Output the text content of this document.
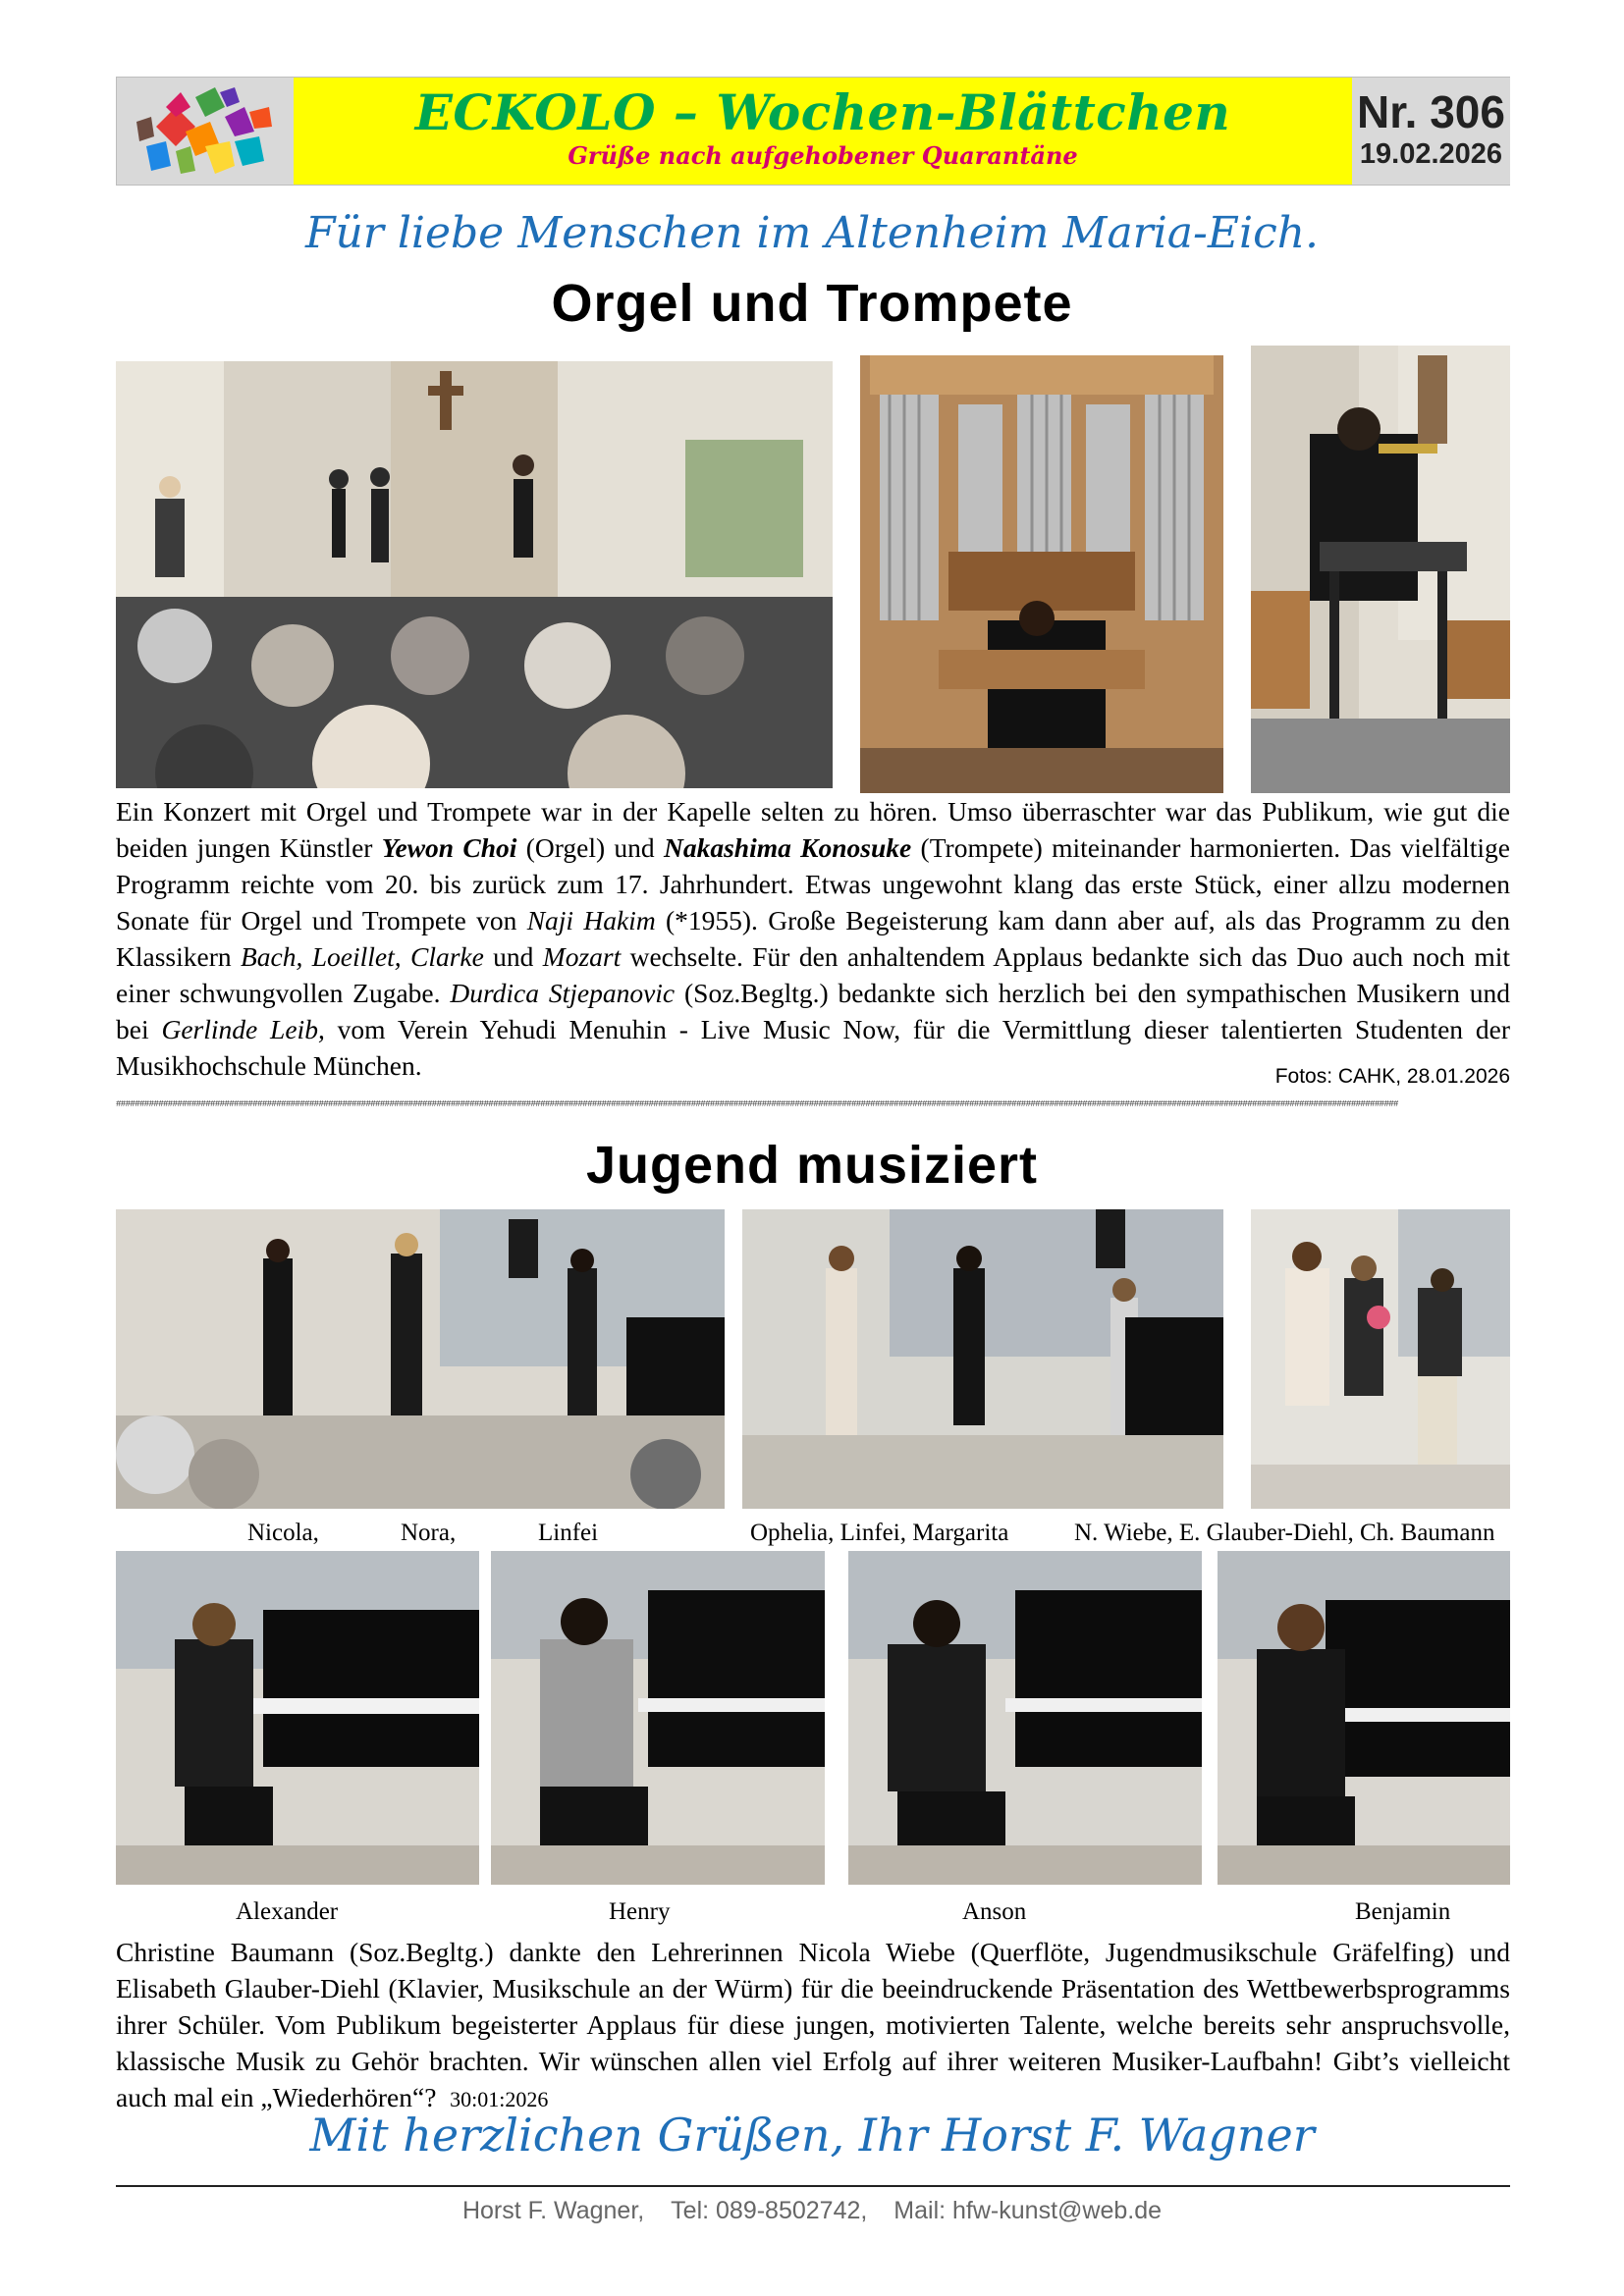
ECKOLO – Wochen-Blättchen
Grüße nach aufgehobener Quarantäne
Nr. 306
19.02.2026
Für liebe Menschen im Altenheim Maria-Eich.
Orgel und Trompete
Ein Konzert mit Orgel und Trompete war in der Kapelle selten zu hören. Umso überraschter war das Publikum, wie gut die beiden jungen Künstler Yewon Choi (Orgel) und Nakashima Konosuke (Trompete) miteinander harmonierten. Das vielfältige Programm reichte vom 20. bis zurück zum 17. Jahrhundert. Etwas ungewohnt klang das erste Stück, einer allzu modernen Sonate für Orgel und Trompete von Naji Hakim (*1955). Große Begeisterung kam dann aber auf, als das Programm zu den Klassikern Bach, Loeillet, Clarke und Mozart wechselte. Für den anhaltendem Applaus bedankte sich das Duo auch noch mit einer schwungvollen Zugabe. Durdica Stjepanovic (Soz.Begltg.) bedankte sich herzlich bei den sympathischen Musikern und bei Gerlinde Leib, vom Verein Yehudi Menuhin - Live Music Now, für die Vermittlung dieser talentierten Studenten der Musikhochschule München.	Fotos: CAHK, 28.01.2026
################################################################################################################################################################################################################################################################################
Jugend musiziert
Nicola,	Nora,	Linfei	Ophelia, Linfei, Margarita	N. Wiebe, E. Glauber-Diehl, Ch. Baumann
Alexander	Henry	Anson	Benjamin
Christine Baumann (Soz.Begltg.) dankte den Lehrerinnen Nicola Wiebe (Querflöte, Jugendmusikschule Gräfelfing) und Elisabeth Glauber-Diehl (Klavier, Musikschule an der Würm) für die beeindruckende Präsentation des Wettbewerbsprogramms ihrer Schüler. Vom Publikum begeisterter Applaus für diese jungen, motivierten Talente, welche bereits sehr anspruchsvolle, klassische Musik zu Gehör brachten. Wir wünschen allen viel Erfolg auf ihrer weiteren Musiker-Laufbahn! Gibt’s vielleicht auch mal ein „Wiederhören“? 30:01:2026
Mit herzlichen Grüßen, Ihr Horst F. Wagner
Horst F. Wagner, Tel: 089-8502742, Mail: hfw-kunst@web.de
